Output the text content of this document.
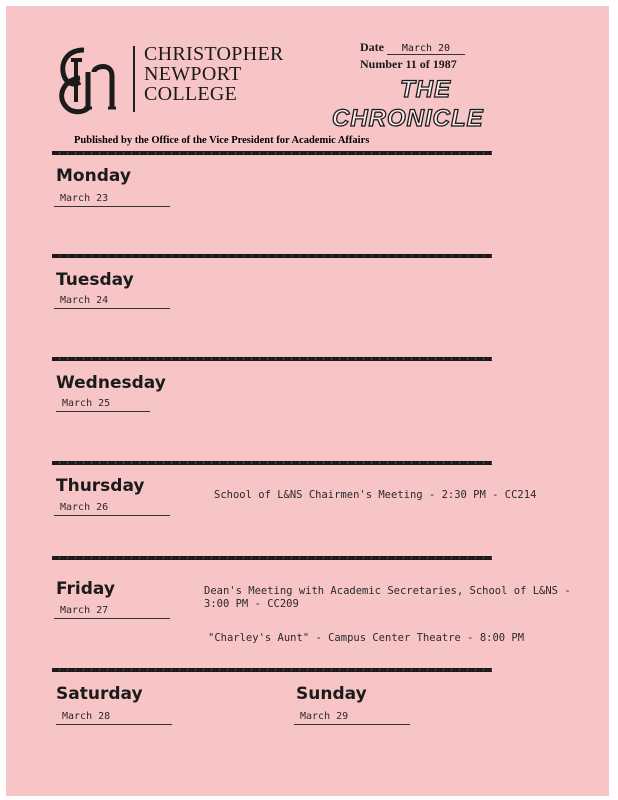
CHRISTOPHER
NEWPORT
COLLEGE
Date March 20
Number 11 of 1987
THE
CHRONICLE
Published by the Office of the Vice President for Academic Affairs
Monday
March 23
Tuesday
March 24
Wednesday
March 25
Thursday
March 26
School of L&NS Chairmen's Meeting - 2:30 PM - CC214
Friday
March 27
Dean's Meeting with Academic Secretaries, School of L&NS -
3:00 PM - CC209
"Charley's Aunt" - Campus Center Theatre - 8:00 PM
Saturday
March 28
Sunday
March 29
